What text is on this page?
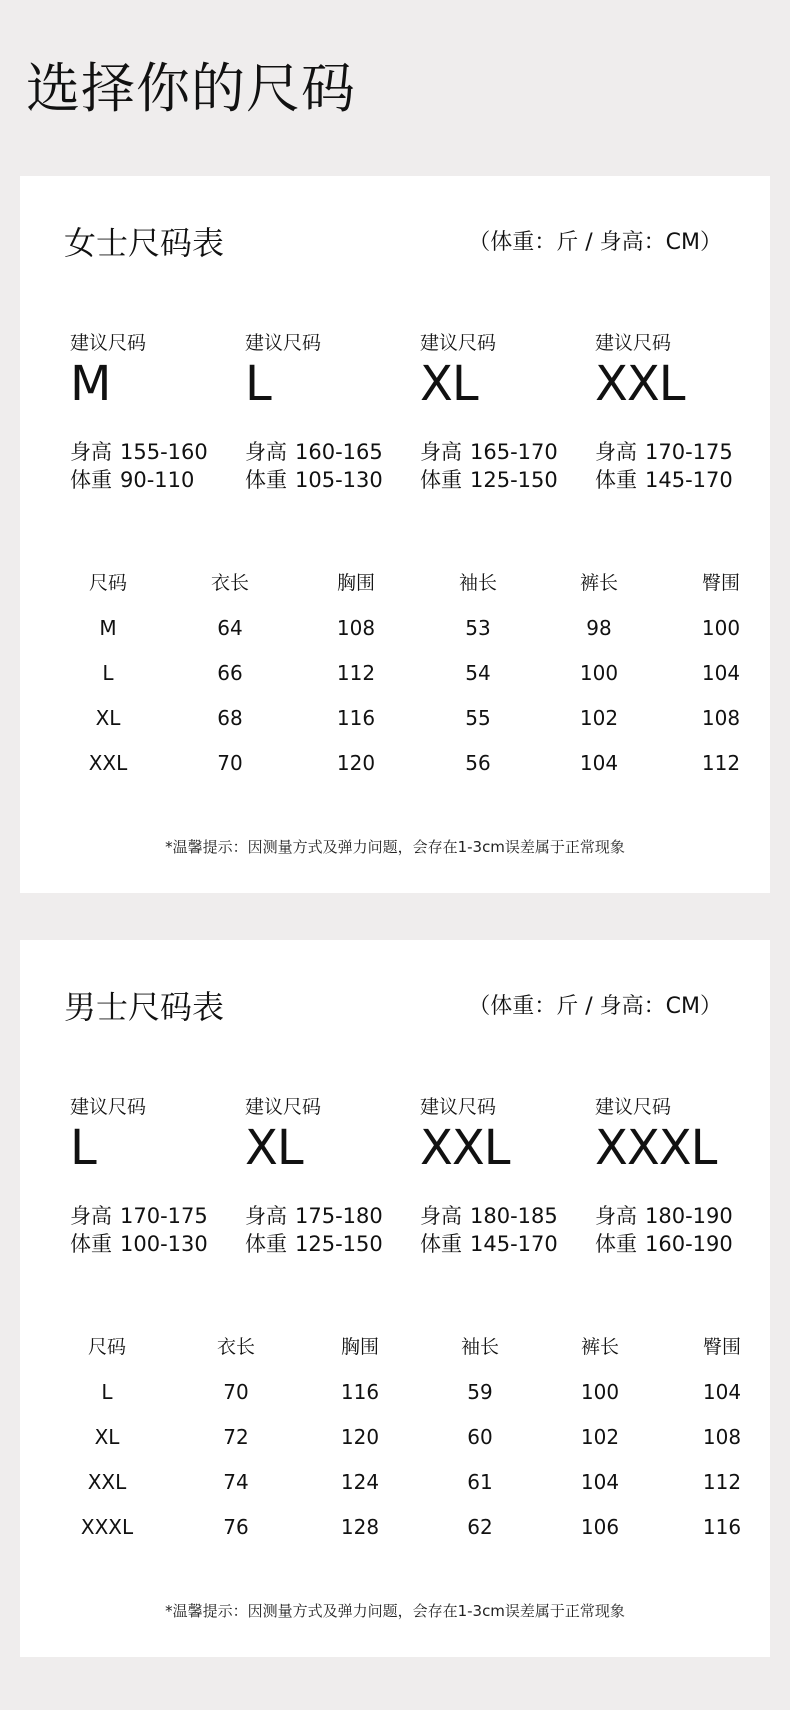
选择你的尺码
女士尺码表	（体重：斤 / 身高：CM）
建议尺码
M
身高 155-160
体重 90-110
建议尺码
L
身高 160-165
体重 105-130
建议尺码
XL
身高 165-170
体重 125-150
建议尺码
XXL
身高 170-175
体重 145-170
尺码	衣长	胸围	袖长	裤长	臀围
M	64	108	53	98	100
L	66	112	54	100	104
XL	68	116	55	102	108
XXL	70	120	56	104	112
*温馨提示：因测量方式及弹力问题，会存在1-3cm误差属于正常现象
男士尺码表	（体重：斤 / 身高：CM）
建议尺码
L
身高 170-175
体重 100-130
建议尺码
XL
身高 175-180
体重 125-150
建议尺码
XXL
身高 180-185
体重 145-170
建议尺码
XXXL
身高 180-190
体重 160-190
尺码	衣长	胸围	袖长	裤长	臀围
L	70	116	59	100	104
XL	72	120	60	102	108
XXL	74	124	61	104	112
XXXL	76	128	62	106	116
*温馨提示：因测量方式及弹力问题，会存在1-3cm误差属于正常现象
